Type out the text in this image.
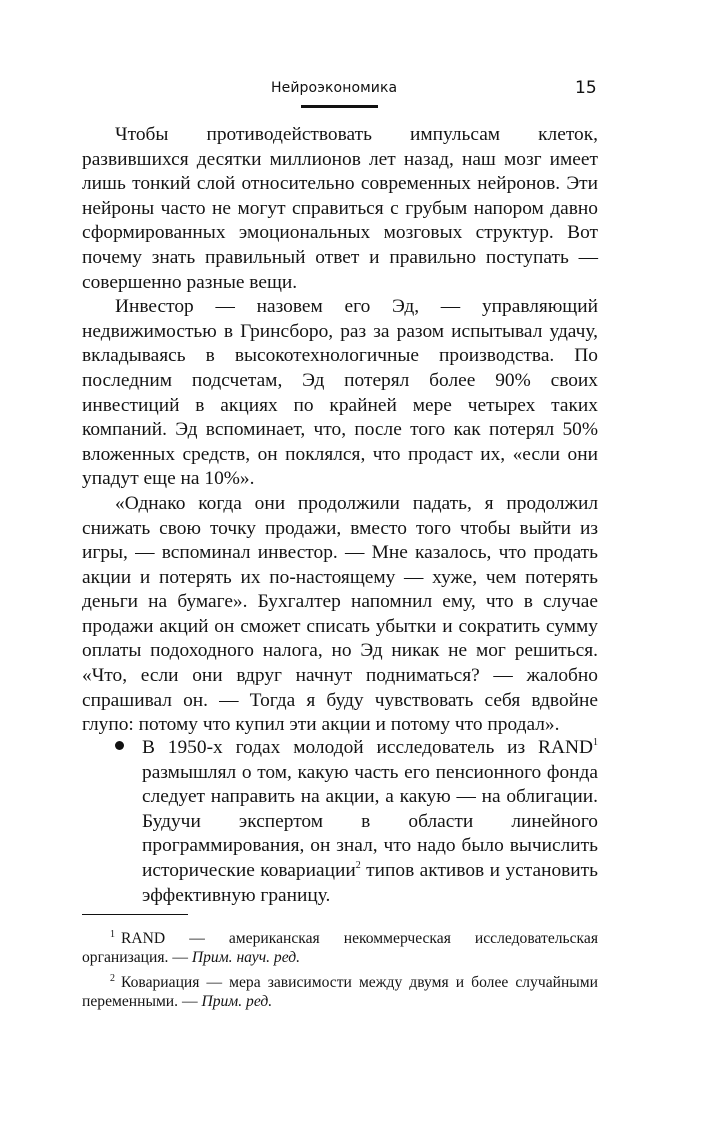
Нейроэкономика	15

Чтобы противодействовать импульсам клеток, развившихся десятки миллионов лет назад, наш мозг имеет лишь тонкий слой относительно современных нейронов. Эти нейроны часто не могут справиться с грубым напором давно сформированных эмоциональных мозговых структур. Вот почему знать правильный ответ и правильно поступать — совершенно разные вещи.

Инвестор — назовем его Эд, — управляющий недвижимостью в Гринсборо, раз за разом испытывал удачу, вкладываясь в высокотехнологичные производства. По последним подсчетам, Эд потерял более 90% своих инвестиций в акциях по крайней мере четырех таких компаний. Эд вспоминает, что, после того как потерял 50% вложенных средств, он поклялся, что продаст их, «если они упадут еще на 10%».

«Однако когда они продолжили падать, я продолжил снижать свою точку продажи, вместо того чтобы выйти из игры, — вспоминал инвестор. — Мне казалось, что продать акции и потерять их по-настоящему — хуже, чем потерять деньги на бумаге». Бухгалтер напомнил ему, что в случае продажи акций он сможет списать убытки и сократить сумму оплаты подоходного налога, но Эд никак не мог решиться. «Что, если они вдруг начнут подниматься? — жалобно спрашивал он. — Тогда я буду чувствовать себя вдвойне глупо: потому что купил эти акции и потому что продал».

В 1950-х годах молодой исследователь из RAND$^1$ размышлял о том, какую часть его пенсионного фонда следует направить на акции, а какую — на облигации. Будучи экспертом в области линейного программирования, он знал, что надо было вычислить исторические ковариации$^2$ типов активов и установить эффективную границу.

$^1$ RAND — американская некоммерческая исследовательская организация. — Прим. науч. ред.

$^2$ Ковариация — мера зависимости между двумя и более случайными переменными. — Прим. ред.
